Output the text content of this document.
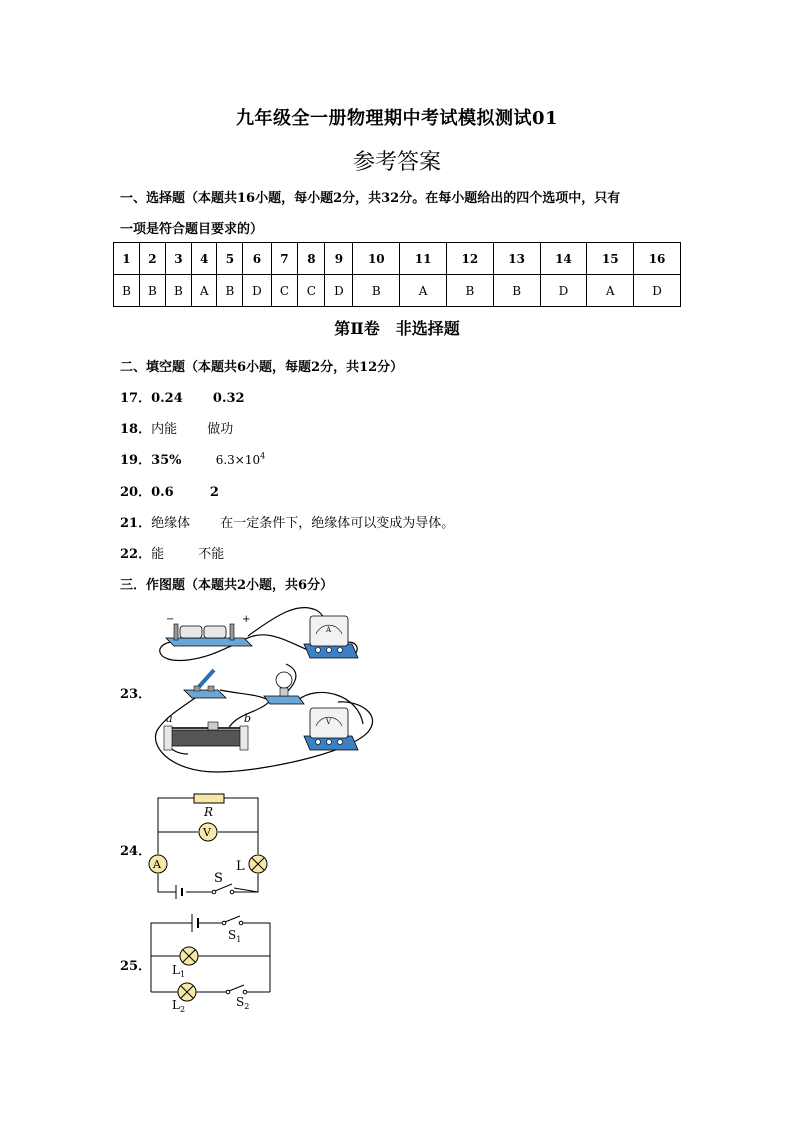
九年级全一册物理期中考试模拟测试01
参考答案
一、选择题（本题共16小题，每小题2分，共32分。在每小题给出的四个选项中，只有
一项是符合题目要求的）
1	2	3	4	5	6	7	8	9	10	11	12	13	14	15	16
B	B	B	A	B	D	C	C	D	B	A	B	B	D	A	D
第Ⅱ卷　非选择题
二、填空题（本题共6小题，每题2分，共12分）
17．0.24 0.32
18．内能 做功
19．35%	$6.3\times 10^4$
20．0.6	2
21．绝缘体 在一定条件下，绝缘体可以变成为导体。
22．能	不能
三．作图题（本题共2小题，共6分）
23．
−	+
A
V
a	b
24．
R
V
A	L
S
25．
$S_1$
$L_1$
$L_2$
$S_2$
